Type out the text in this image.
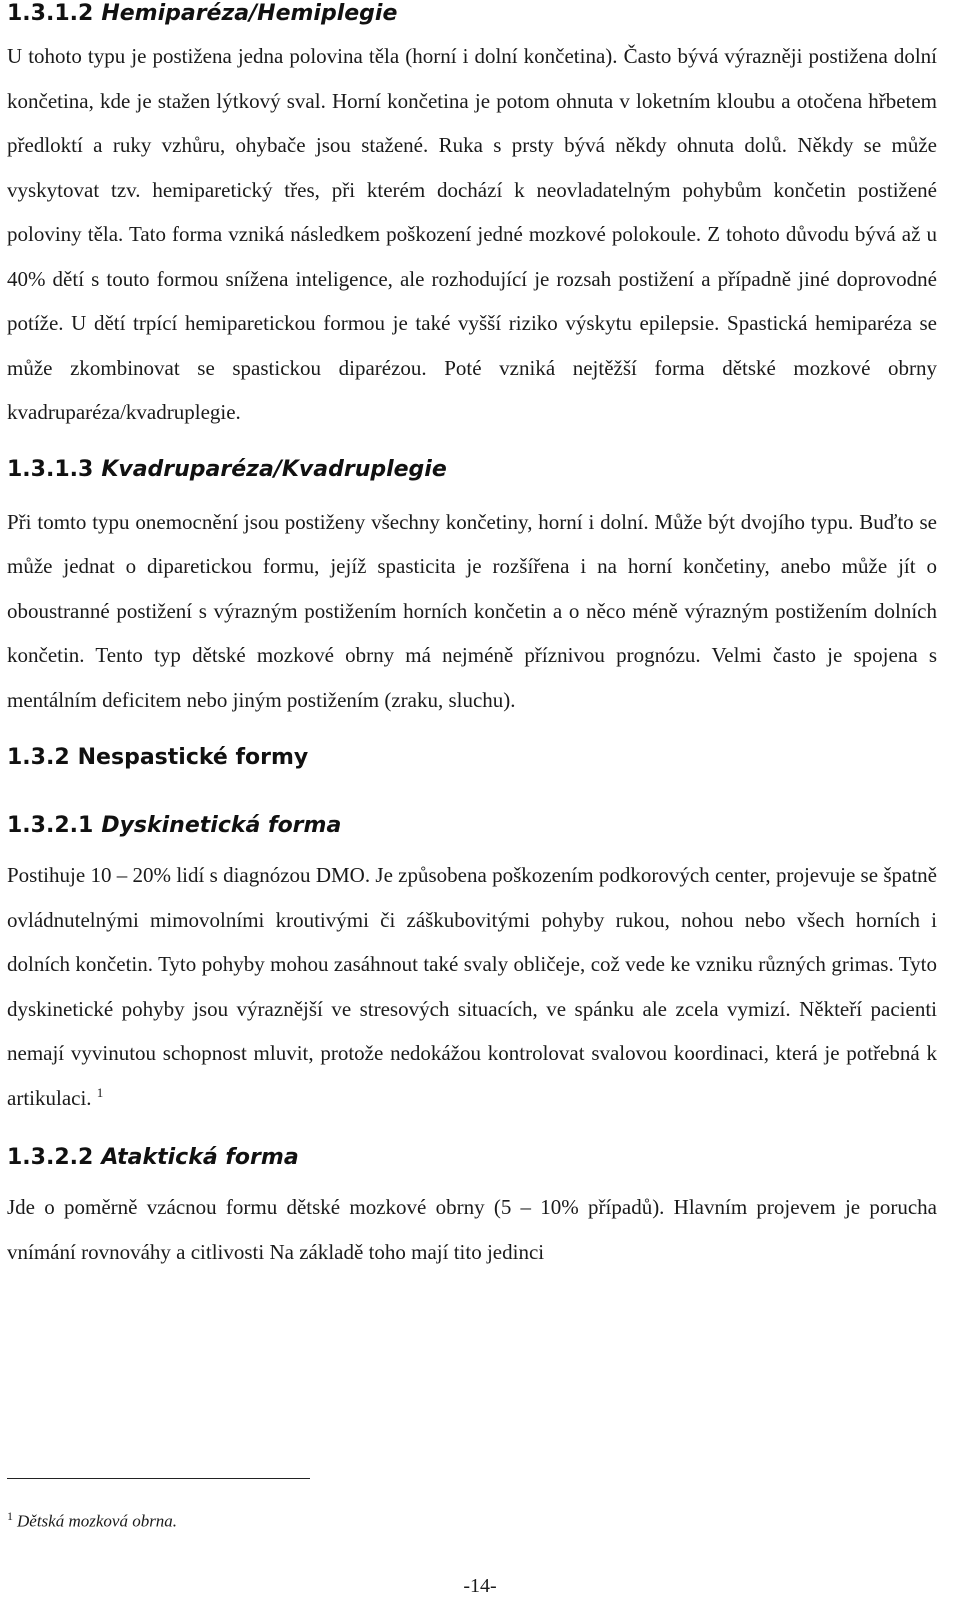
1.3.1.2 Hemiparéza/Hemiplegie

U tohoto typu je postižena jedna polovina těla (horní i dolní končetina). Často bývá výrazněji postižena dolní končetina, kde je stažen lýtkový sval. Horní končetina je potom ohnuta v loketním kloubu a otočena hřbetem předloktí a ruky vzhůru, ohybače jsou stažené. Ruka s prsty bývá někdy ohnuta dolů. Někdy se může vyskytovat tzv. hemiparetický třes, při kterém dochází k neovladatelným pohybům končetin postižené poloviny těla. Tato forma vzniká následkem poškození jedné mozkové polokoule. Z tohoto důvodu bývá až u 40% dětí s touto formou snížena inteligence, ale rozhodující je rozsah postižení a případně jiné doprovodné potíže. U dětí trpící hemiparetickou formou je také vyšší riziko výskytu epilepsie. Spastická hemiparéza se může zkombinovat se spastickou diparézou. Poté vzniká nejtěžší forma dětské mozkové obrny kvadruparéza/kvadruplegie.

1.3.1.3 Kvadruparéza/Kvadruplegie

Při tomto typu onemocnění jsou postiženy všechny končetiny, horní i dolní. Může být dvojího typu. Buďto se může jednat o diparetickou formu, jejíž spasticita je rozšířena i na horní končetiny, anebo může jít o oboustranné postižení s výrazným postižením horních končetin a o něco méně výrazným postižením dolních končetin. Tento typ dětské mozkové obrny má nejméně příznivou prognózu. Velmi často je spojena s mentálním deficitem nebo jiným postižením (zraku, sluchu).

1.3.2 Nespastické formy
1.3.2.1 Dyskinetická forma

Postihuje 10 – 20% lidí s diagnózou DMO. Je způsobena poškozením podkorových center, projevuje se špatně ovládnutelnými mimovolními kroutivými či záškubovitými pohyby rukou, nohou nebo všech horních i dolních končetin. Tyto pohyby mohou zasáhnout také svaly obličeje, což vede ke vzniku různých grimas. Tyto dyskinetické pohyby jsou výraznější ve stresových situacích, ve spánku ale zcela vymizí. Někteří pacienti nemají vyvinutou schopnost mluvit, protože nedokážou kontrolovat svalovou koordinaci, která je potřebná k artikulaci. $^1$

1.3.2.2 Ataktická forma

Jde o poměrně vzácnou formu dětské mozkové obrny (5 – 10% případů). Hlavním projevem je porucha vnímání rovnováhy a citlivosti Na základě toho mají tito jedinci

$^1$ Dětská mozková obrna.
-14-
